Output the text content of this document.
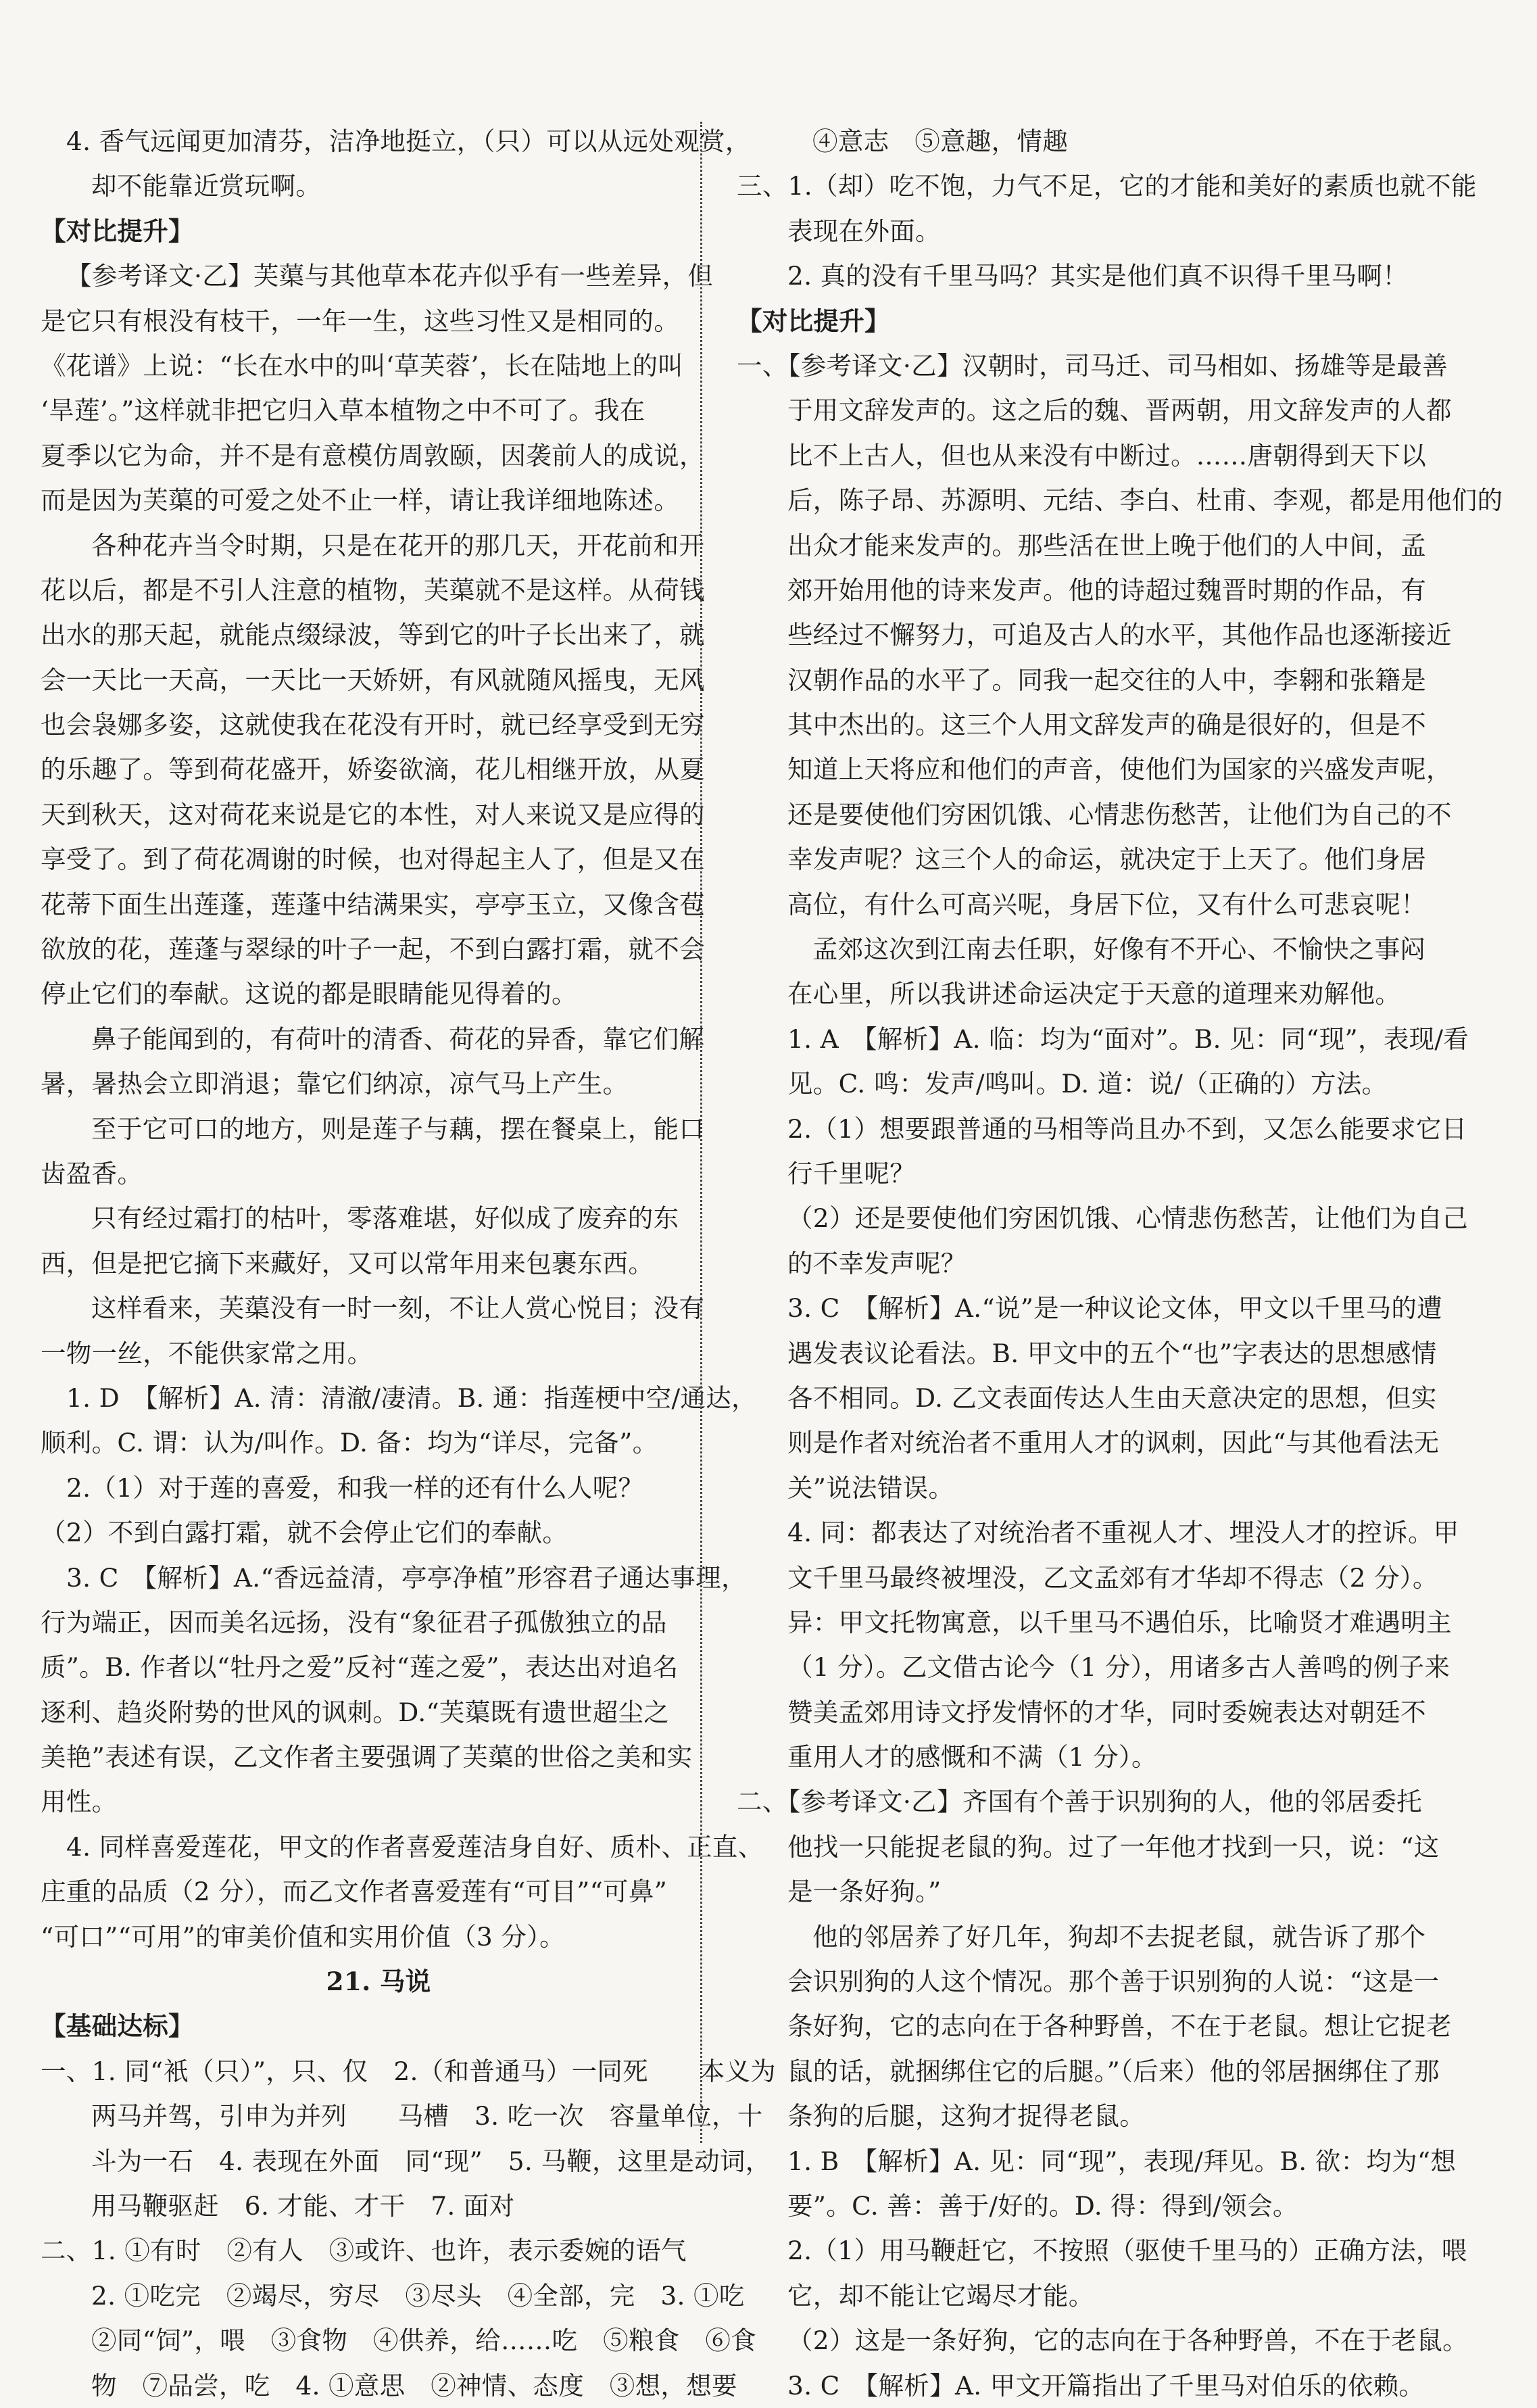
4. 香气远闻更加清芬，洁净地挺立，（只）可以从远处观赏，
却不能靠近赏玩啊。
【对比提升】
【参考译文·乙】芙蕖与其他草本花卉似乎有一些差异，但
是它只有根没有枝干，一年一生，这些习性又是相同的。
《花谱》上说：“长在水中的叫‘草芙蓉’，长在陆地上的叫
‘旱莲’。”这样就非把它归入草本植物之中不可了。我在
夏季以它为命，并不是有意模仿周敦颐，因袭前人的成说，
而是因为芙蕖的可爱之处不止一样，请让我详细地陈述。
各种花卉当令时期，只是在花开的那几天，开花前和开
花以后，都是不引人注意的植物，芙蕖就不是这样。从荷钱
出水的那天起，就能点缀绿波，等到它的叶子长出来了，就
会一天比一天高，一天比一天娇妍，有风就随风摇曳，无风
也会袅娜多姿，这就使我在花没有开时，就已经享受到无穷
的乐趣了。等到荷花盛开，娇姿欲滴，花儿相继开放，从夏
天到秋天，这对荷花来说是它的本性，对人来说又是应得的
享受了。到了荷花凋谢的时候，也对得起主人了，但是又在
花蒂下面生出莲蓬，莲蓬中结满果实，亭亭玉立，又像含苞
欲放的花，莲蓬与翠绿的叶子一起，不到白露打霜，就不会
停止它们的奉献。这说的都是眼睛能见得着的。
鼻子能闻到的，有荷叶的清香、荷花的异香，靠它们解
暑，暑热会立即消退；靠它们纳凉，凉气马上产生。
至于它可口的地方，则是莲子与藕，摆在餐桌上，能口
齿盈香。
只有经过霜打的枯叶，零落难堪，好似成了废弃的东
西，但是把它摘下来藏好，又可以常年用来包裹东西。
这样看来，芙蕖没有一时一刻，不让人赏心悦目；没有
一物一丝，不能供家常之用。
1. D　【解析】A. 清：清澈/凄清。B. 通：指莲梗中空/通达，
顺利。C. 谓：认为/叫作。D. 备：均为“详尽，完备”。
2.（1）对于莲的喜爱，和我一样的还有什么人呢？
（2）不到白露打霜，就不会停止它们的奉献。
3. C　【解析】A.“香远益清，亭亭净植”形容君子通达事理，
行为端正，因而美名远扬，没有“象征君子孤傲独立的品
质”。B. 作者以“牡丹之爱”反衬“莲之爱”，表达出对追名
逐利、趋炎附势的世风的讽刺。D.“芙蕖既有遗世超尘之
美艳”表述有误，乙文作者主要强调了芙蕖的世俗之美和实
用性。
4. 同样喜爱莲花，甲文的作者喜爱莲洁身自好、质朴、正直、
庄重的品质（2 分），而乙文作者喜爱莲有“可目”“可鼻”
“可口”“可用”的审美价值和实用价值（3 分）。
21. 马说
【基础达标】
一、1. 同“衹（只）”，只、仅　2.（和普通马）一同死　　本义为
两马并驾，引申为并列　　马槽　3. 吃一次　容量单位，十
斗为一石　4. 表现在外面　同“现”　5. 马鞭，这里是动词，
用马鞭驱赶　6. 才能、才干　7. 面对
二、1. ①有时　②有人　③或许、也许，表示委婉的语气
2. ①吃完　②竭尽，穷尽　③尽头　④全部，完　3. ①吃
②同“饲”，喂　③食物　④供养，给……吃　⑤粮食　⑥食
物　⑦品尝，吃　4. ①意思　②神情、态度　③想，想要
④意志　⑤意趣，情趣
三、1.（却）吃不饱，力气不足，它的才能和美好的素质也就不能
表现在外面。
2. 真的没有千里马吗？其实是他们真不识得千里马啊！
【对比提升】
一、【参考译文·乙】汉朝时，司马迁、司马相如、扬雄等是最善
于用文辞发声的。这之后的魏、晋两朝，用文辞发声的人都
比不上古人，但也从来没有中断过。……唐朝得到天下以
后，陈子昂、苏源明、元结、李白、杜甫、李观，都是用他们的
出众才能来发声的。那些活在世上晚于他们的人中间，孟
郊开始用他的诗来发声。他的诗超过魏晋时期的作品，有
些经过不懈努力，可追及古人的水平，其他作品也逐渐接近
汉朝作品的水平了。同我一起交往的人中，李翱和张籍是
其中杰出的。这三个人用文辞发声的确是很好的，但是不
知道上天将应和他们的声音，使他们为国家的兴盛发声呢，
还是要使他们穷困饥饿、心情悲伤愁苦，让他们为自己的不
幸发声呢？这三个人的命运，就决定于上天了。他们身居
高位，有什么可高兴呢，身居下位，又有什么可悲哀呢！
孟郊这次到江南去任职，好像有不开心、不愉快之事闷
在心里，所以我讲述命运决定于天意的道理来劝解他。
1. A　【解析】A. 临：均为“面对”。B. 见：同“现”，表现/看
见。C. 鸣：发声/鸣叫。D. 道：说/（正确的）方法。
2.（1）想要跟普通的马相等尚且办不到，又怎么能要求它日
行千里呢？
（2）还是要使他们穷困饥饿、心情悲伤愁苦，让他们为自己
的不幸发声呢？
3. C　【解析】A.“说”是一种议论文体，甲文以千里马的遭
遇发表议论看法。B. 甲文中的五个“也”字表达的思想感情
各不相同。D. 乙文表面传达人生由天意决定的思想，但实
则是作者对统治者不重用人才的讽刺，因此“与其他看法无
关”说法错误。
4. 同：都表达了对统治者不重视人才、埋没人才的控诉。甲
文千里马最终被埋没，乙文孟郊有才华却不得志（2 分）。
异：甲文托物寓意，以千里马不遇伯乐，比喻贤才难遇明主
（1 分）。乙文借古论今（1 分），用诸多古人善鸣的例子来
赞美孟郊用诗文抒发情怀的才华，同时委婉表达对朝廷不
重用人才的感慨和不满（1 分）。
二、【参考译文·乙】齐国有个善于识别狗的人，他的邻居委托
他找一只能捉老鼠的狗。过了一年他才找到一只，说：“这
是一条好狗。”
他的邻居养了好几年，狗却不去捉老鼠，就告诉了那个
会识别狗的人这个情况。那个善于识别狗的人说：“这是一
条好狗，它的志向在于各种野兽，不在于老鼠。想让它捉老
鼠的话，就捆绑住它的后腿。”（后来）他的邻居捆绑住了那
条狗的后腿，这狗才捉得老鼠。
1. B　【解析】A. 见：同“现”，表现/拜见。B. 欲：均为“想
要”。C. 善：善于/好的。D. 得：得到/领会。
2.（1）用马鞭赶它，不按照（驱使千里马的）正确方法，喂
它，却不能让它竭尽才能。
（2）这是一条好狗，它的志向在于各种野兽，不在于老鼠。
3. C　【解析】A. 甲文开篇指出了千里马对伯乐的依赖。
